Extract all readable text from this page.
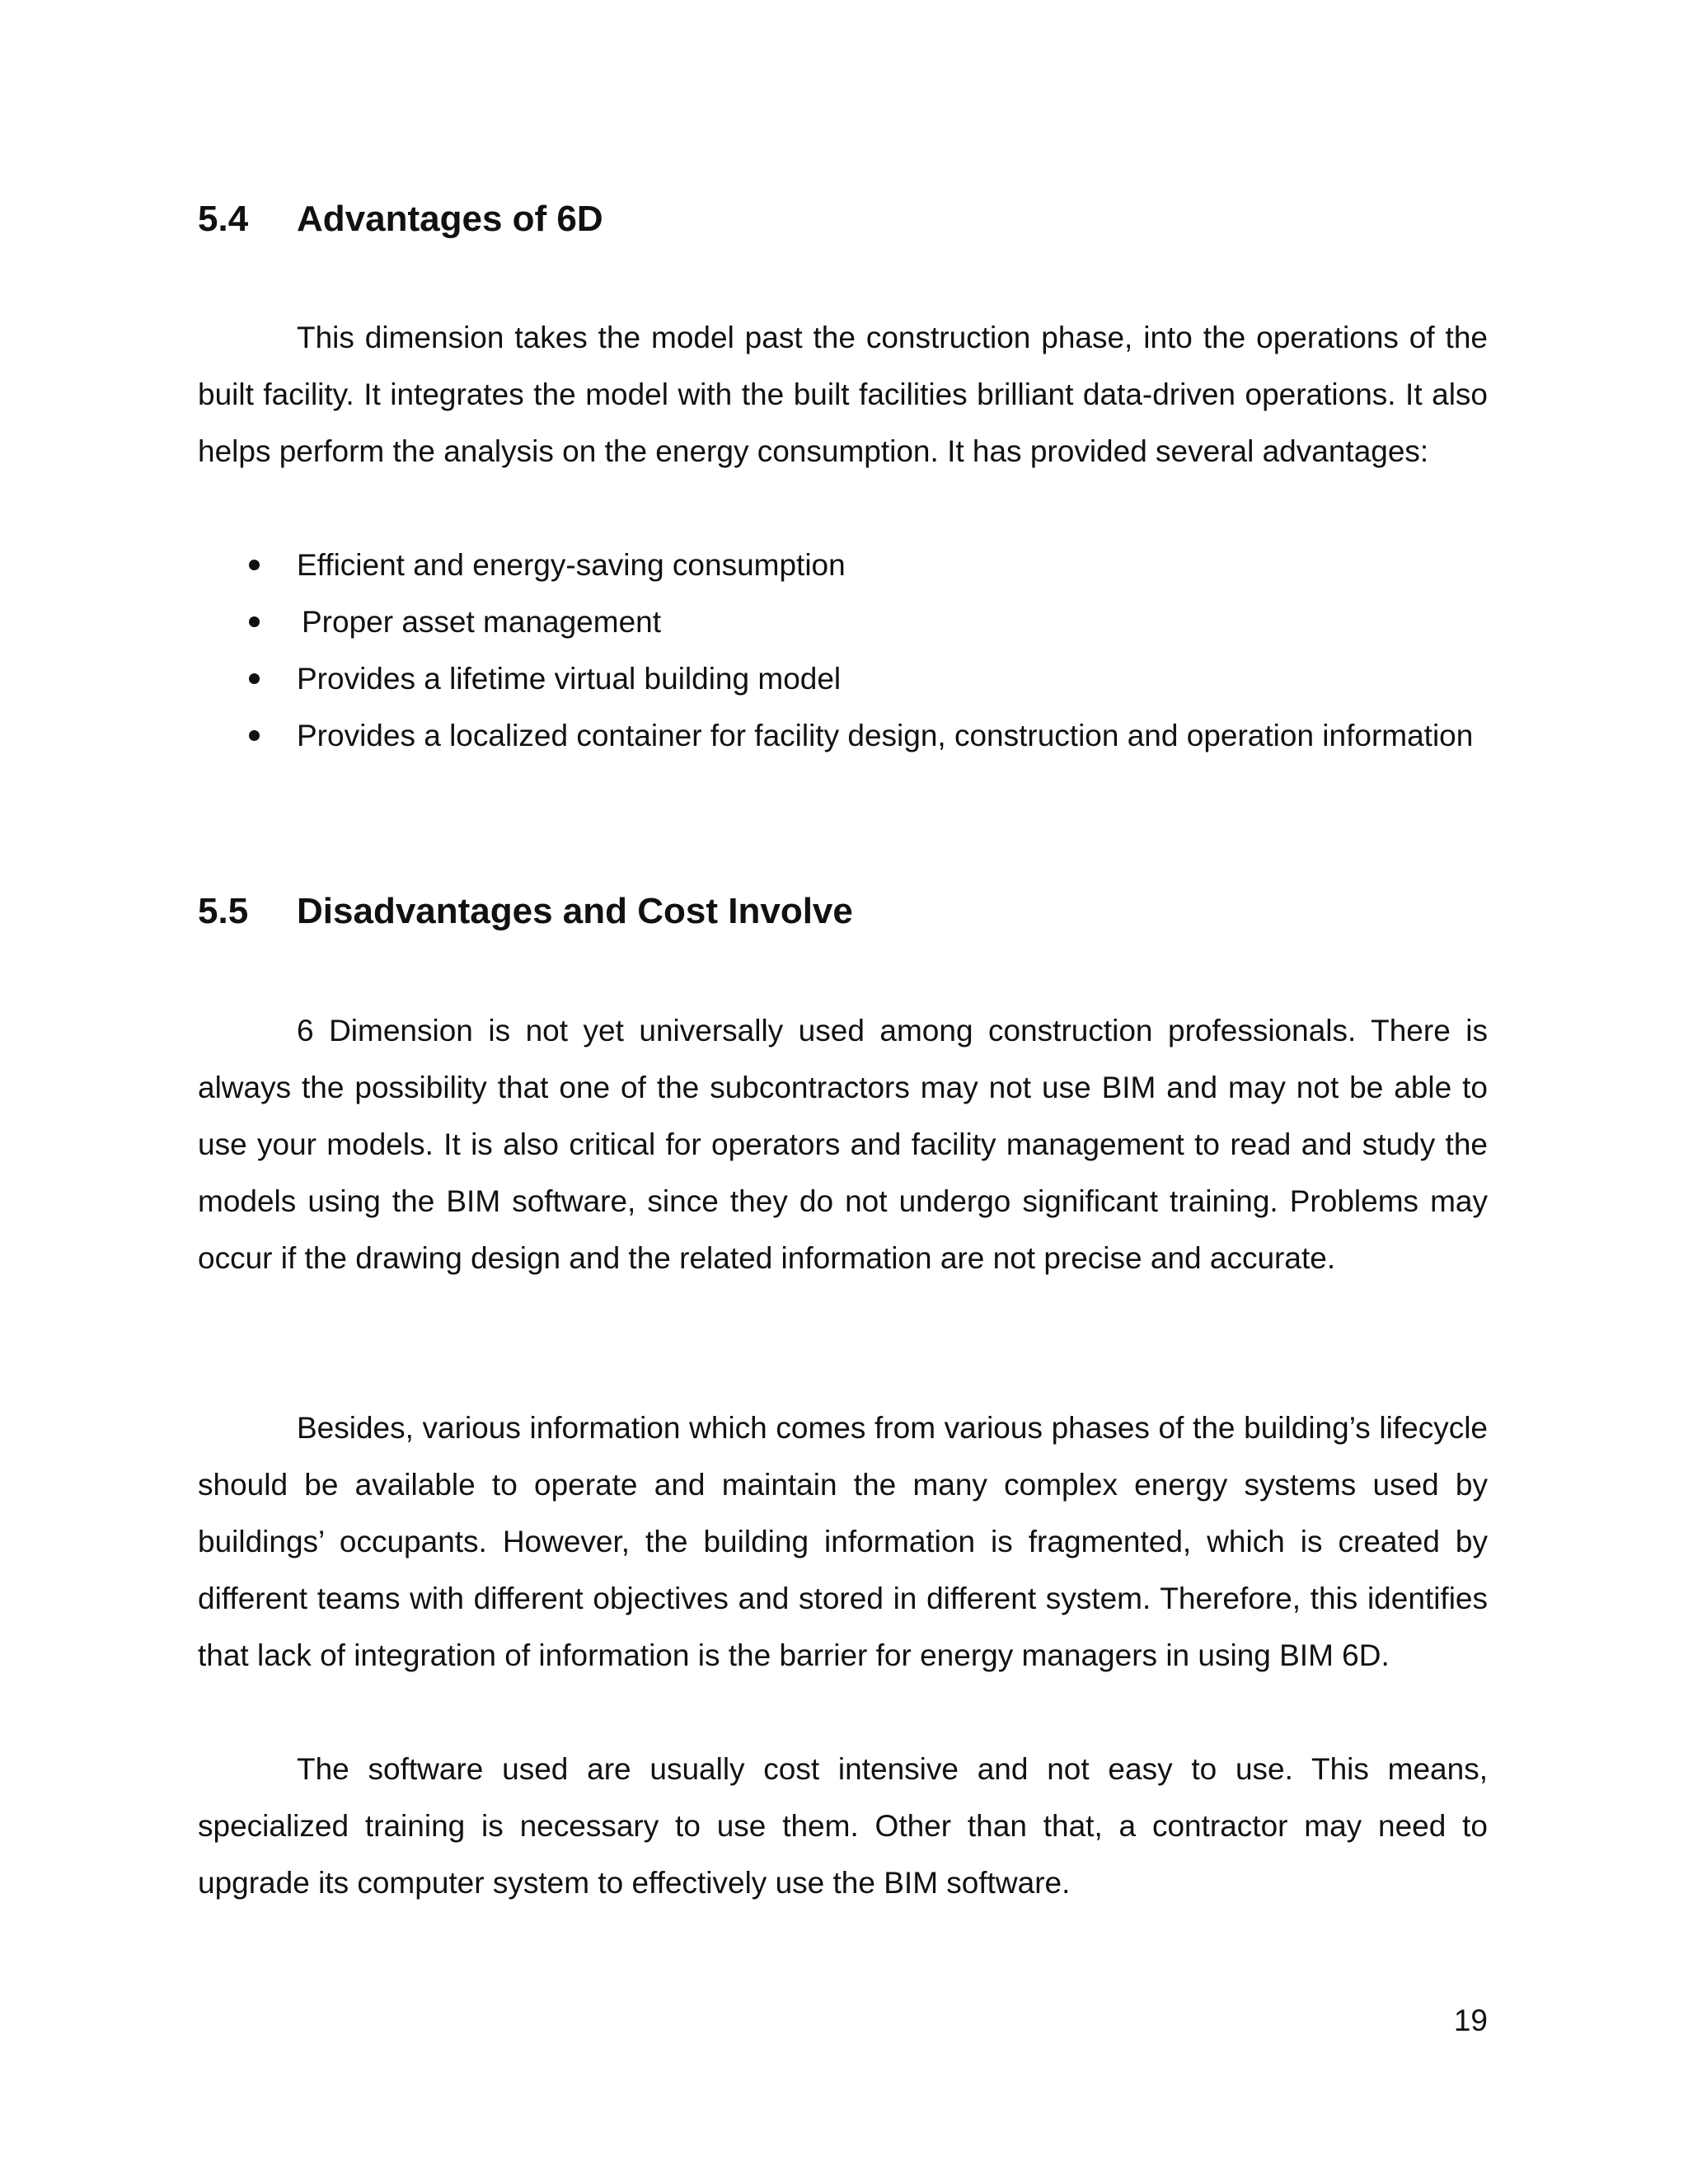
5.4 Advantages of 6D

This dimension takes the model past the construction phase, into the operations of the built facility. It integrates the model with the built facilities brilliant data-driven operations. It also helps perform the analysis on the energy consumption. It has provided several advantages:

Efficient and energy-saving consumption
Proper asset management
Provides a lifetime virtual building model
Provides a localized container for facility design, construction and operation information
5.5 Disadvantages and Cost Involve

6 Dimension is not yet universally used among construction professionals. There is always the possibility that one of the subcontractors may not use BIM and may not be able to use your models. It is also critical for operators and facility management to read and study the models using the BIM software, since they do not undergo significant training. Problems may occur if the drawing design and the related information are not precise and accurate.

Besides, various information which comes from various phases of the building’s lifecycle should be available to operate and maintain the many complex energy systems used by buildings’ occupants. However, the building information is fragmented, which is created by different teams with different objectives and stored in different system. Therefore, this identifies that lack of integration of information is the barrier for energy managers in using BIM 6D.

The software used are usually cost intensive and not easy to use. This means, specialized training is necessary to use them. Other than that, a contractor may need to upgrade its computer system to effectively use the BIM software.

19
